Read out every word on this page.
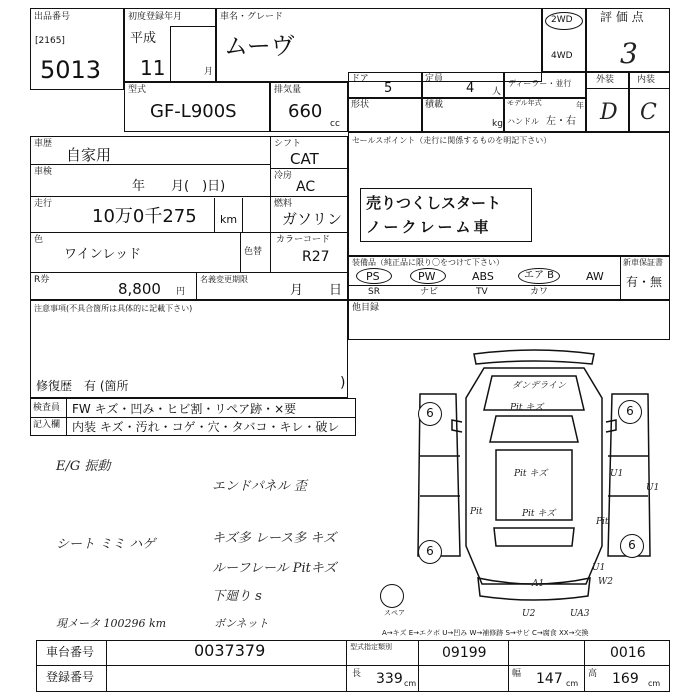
出品番号
[2165]
5013
初度登録年月
平成
11	月
車名・グレード
ムーヴ
2WD
4WD
評 価 点
3
型式
GF-L900S
排気量
660
cc
ドア
5
定員
4 人
ディーラー・並行
形状	積載
kg
モデル年式	年
ハンドル 左・右
外装	内装
D C
車歴
自家用
車検
年　　月(　)日)
走行
10万0千275 km
シフト
CAT
冷房
AC
燃料
ガソリン
色
ワインレッド	色替
カラーコード
R27
R券	8,800 円
名義変更期限
月　　日
セールスポイント（走行に関係するものを明記下さい）
売りつくしスタート
ノークレーム車
装備品（純正品に限り〇をつけて下さい）	新車保証書
有・無
PS	PW	ABS	エア B	AW
SR	ナビ	TV	カワ
注意事項(不具合箇所は具体的に記載下さい)
修復歴 有 (箇所	)
他目録
検査員
記入欄
FW キズ・凹み・ヒビ割・リペア跡・×要
内装 キズ・汚れ・コゲ・穴・タバコ・キレ・破レ
E/G 振動
シート ミミ ハゲ
エンドパネル 歪
キズ多 レース多 キズ
ルーフレール Pitキズ
下廻り s
現メータ 100296 km	ボンネット
スペア
6	6
6	6
ダンデライン
Pit キズ
Pit キズ
Pit キズ
U1
U1
Pit
Pit
A1
U1
W2
U2	UA3
A→キズ E→エクボ U→凹み W→補修跡 S→サビ C→腐食 XX→交換
車台番号	0037379
登録番号
型式指定類別	09199	0016
長 339 cm
幅 147 cm
高 169 cm
